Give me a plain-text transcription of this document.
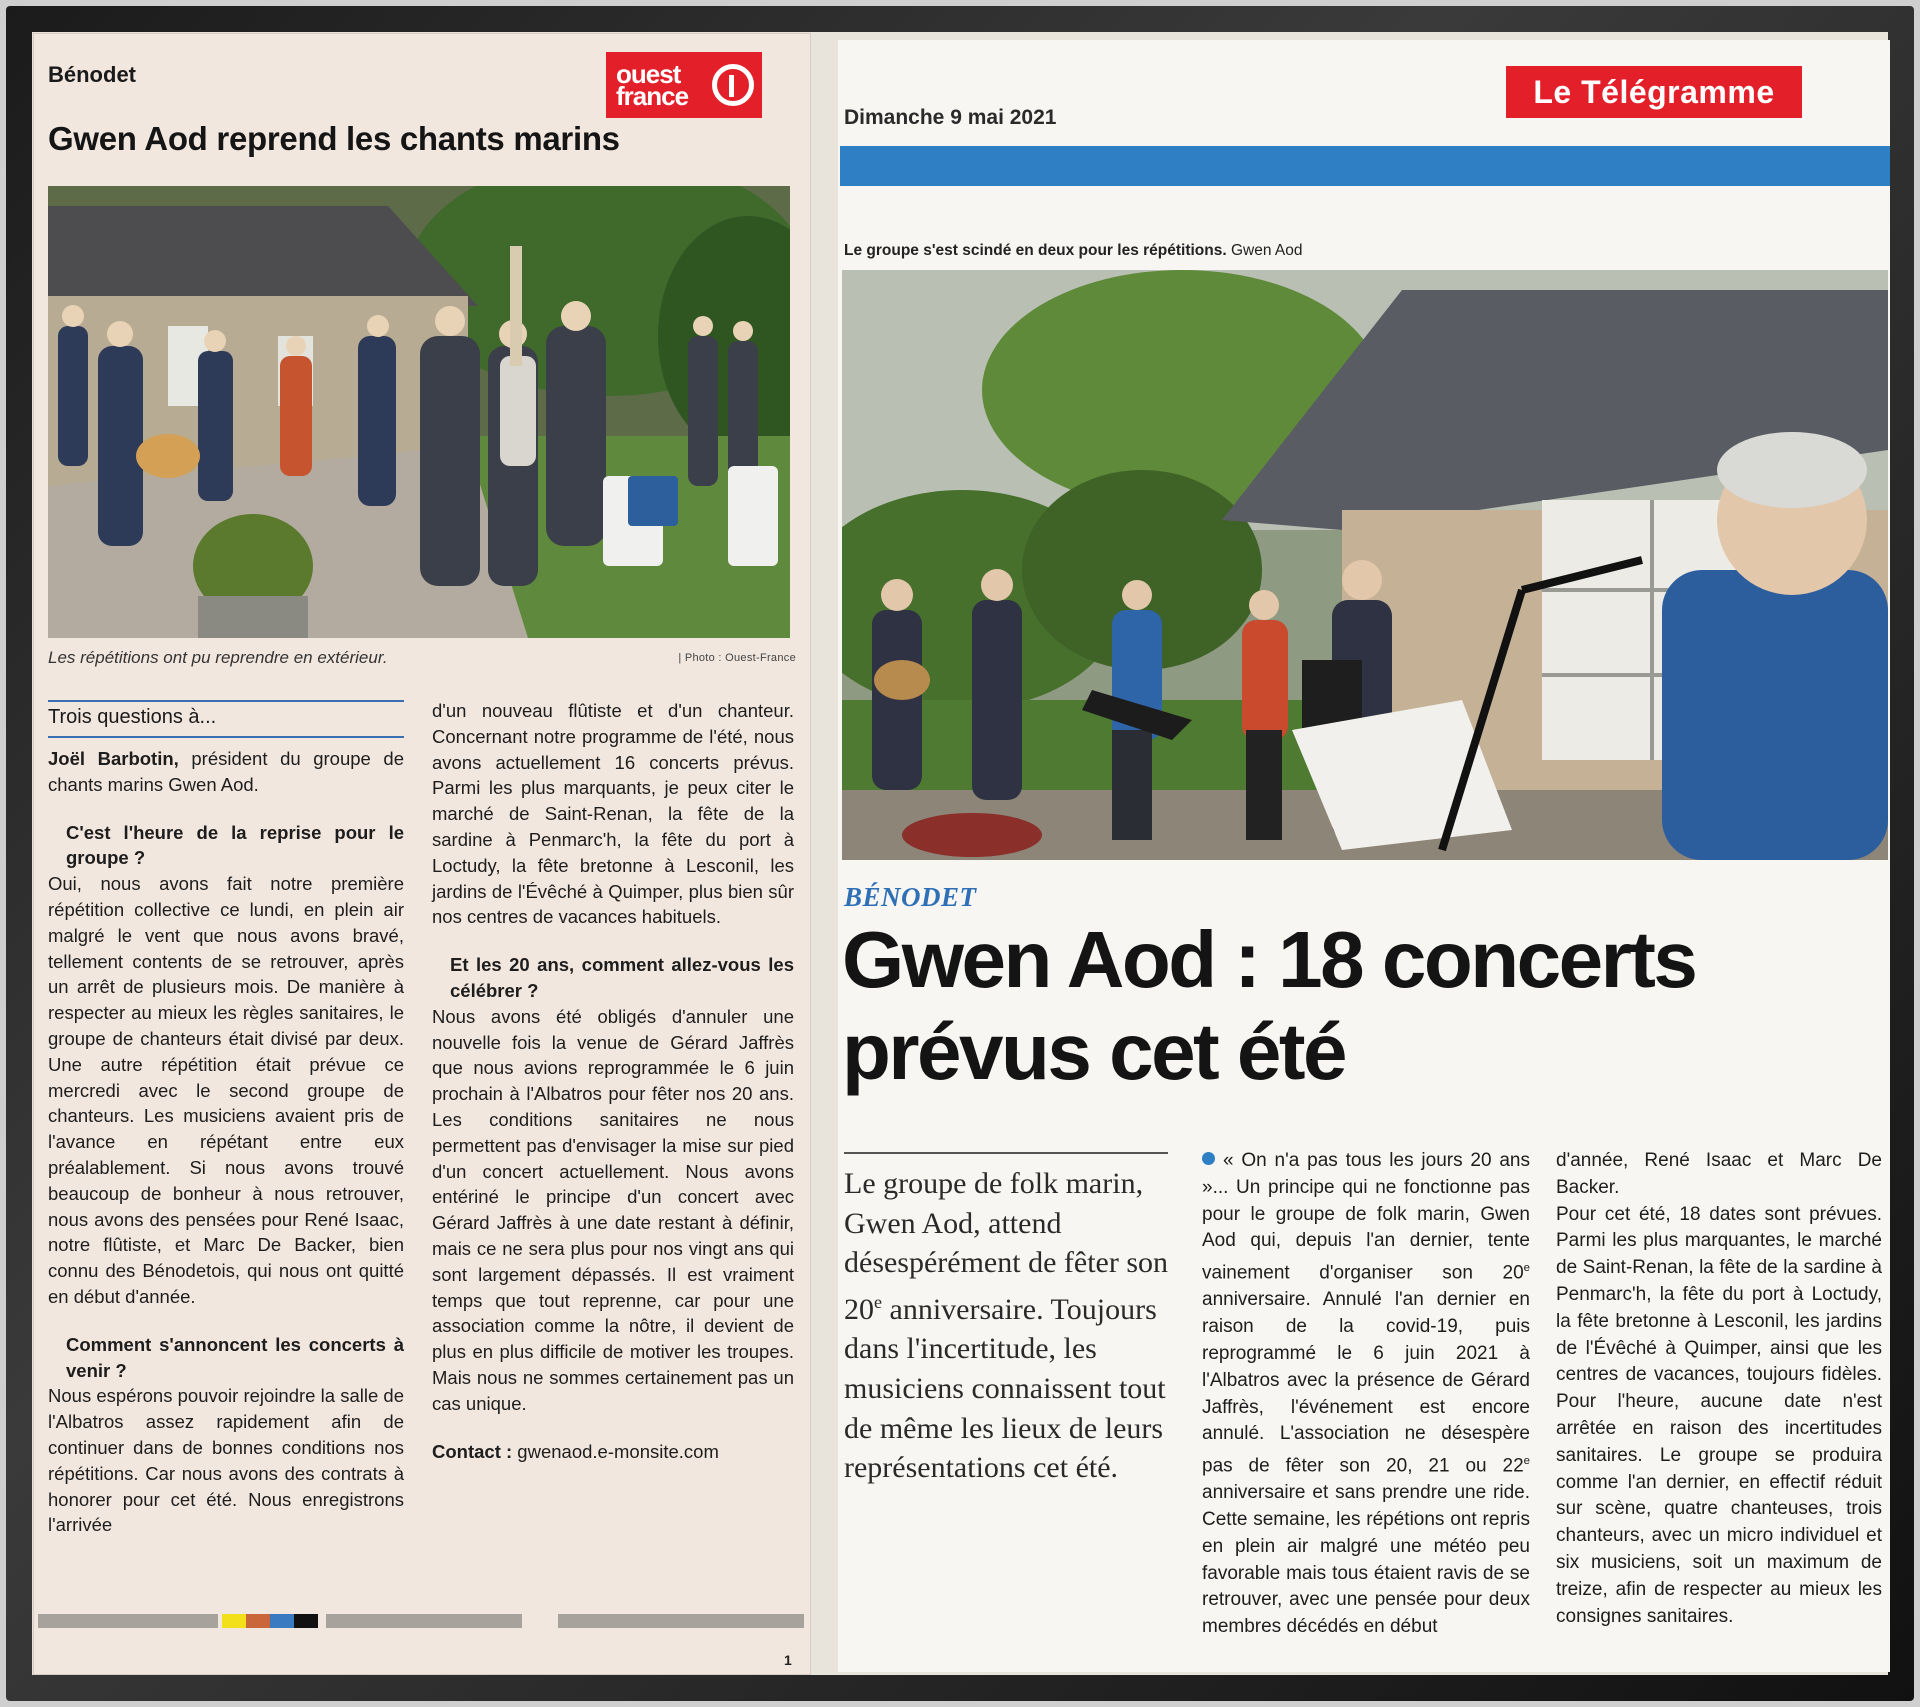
Bénodet	ouest
france
Gwen Aod reprend les chants marins
Les répétitions ont pu reprendre en extérieur.	| Photo : Ouest-France
Trois questions à...

Joël Barbotin, président du groupe de chants marins Gwen Aod.

C'est l'heure de la reprise pour le groupe ?

Oui, nous avons fait notre première répétition collective ce lundi, en plein air malgré le vent que nous avons bravé, tellement contents de se retrouver, après un arrêt de plusieurs mois. De manière à respecter au mieux les règles sanitaires, le groupe de chanteurs était divisé par deux. Une autre répétition était prévue ce mercredi avec le second groupe de chanteurs. Les musiciens avaient pris de l'avance en répétant entre eux préalablement. Si nous avons trouvé beaucoup de bonheur à nous retrouver, nous avons des pensées pour René Isaac, notre flûtiste, et Marc De Backer, bien connu des Bénodetois, qui nous ont quitté en début d'année.

Comment s'annoncent les concerts à venir ?

Nous espérons pouvoir rejoindre la salle de l'Albatros assez rapidement afin de continuer dans de bonnes conditions nos répétitions. Car nous avons des contrats à honorer pour cet été. Nous enregistrons l'arrivée

d'un nouveau flûtiste et d'un chanteur. Concernant notre programme de l'été, nous avons actuellement 16 concerts prévus. Parmi les plus marquants, je peux citer le marché de Saint-Renan, la fête de la sardine à Penmarc'h, la fête du port à Loctudy, la fête bretonne à Lesconil, les jardins de l'Évêché à Quimper, plus bien sûr nos centres de vacances habituels.

Et les 20 ans, comment allez-vous les célébrer ?

Nous avons été obligés d'annuler une nouvelle fois la venue de Gérard Jaffrès que nous avions reprogrammée le 6 juin prochain à l'Albatros pour fêter nos 20 ans. Les conditions sanitaires ne nous permettent pas d'envisager la mise sur pied d'un concert actuellement. Nous avons entériné le principe d'un concert avec Gérard Jaffrès à une date restant à définir, mais ce ne sera plus pour nos vingt ans qui sont largement dépassés. Il est vraiment temps que tout reprenne, car pour une association comme la nôtre, il devient de plus en plus difficile de motiver les troupes. Mais nous ne sommes certainement pas un cas unique.

Contact : gwenaod.e-monsite.com

1
Le Télégramme
Dimanche 9 mai 2021
Le groupe s'est scindé en deux pour les répétitions. Gwen Aod
BÉNODET
Gwen Aod : 18 concerts
prévus cet été
Le groupe de folk marin, Gwen Aod, attend désespérément de fêter son 20e anniversaire. Toujours dans l'incertitude, les musiciens connaissent tout de même les lieux de leurs représentations cet été.
« On n'a pas tous les jours 20 ans »... Un principe qui ne fonctionne pas pour le groupe de folk marin, Gwen Aod qui, depuis l'an dernier, tente vainement d'organiser son 20e anniversaire. Annulé l'an dernier en raison de la covid-19, puis reprogrammé le 6 juin 2021 à l'Albatros avec la présence de Gérard Jaffrès, l'événement est encore annulé. L'association ne désespère pas de fêter son 20, 21 ou 22e anniversaire et sans prendre une ride. Cette semaine, les répétions ont repris en plein air malgré une météo peu favorable mais tous étaient ravis de se retrouver, avec une pensée pour deux membres décédés en début

d'année, René Isaac et Marc De Backer.

Pour cet été, 18 dates sont prévues. Parmi les plus marquantes, le marché de Saint-Renan, la fête de la sardine à Penmarc'h, la fête du port à Loctudy, la fête bretonne à Lesconil, les jardins de l'Évêché à Quimper, ainsi que les centres de vacances, toujours fidèles. Pour l'heure, aucune date n'est arrêtée en raison des incertitudes sanitaires. Le groupe se produira comme l'an dernier, en effectif réduit sur scène, quatre chanteuses, trois chanteurs, avec un micro individuel et six musiciens, soit un maximum de treize, afin de respecter au mieux les consignes sanitaires.
